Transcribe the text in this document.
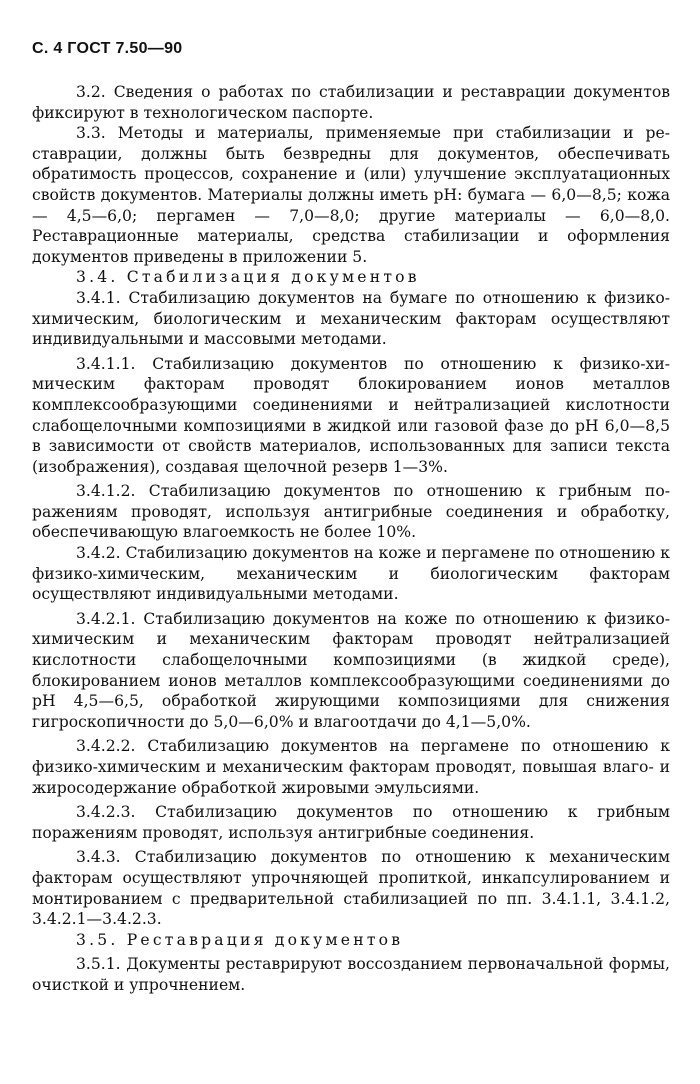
С. 4 ГОСТ 7.50—90

3.2. Сведения о работах по стабилизации и реставрации документов фиксируют в технологическом паспорте.

3.3. Методы и материалы, применяемые при стабилизации и реставрации, должны быть безвредны для документов, обеспечивать обратимость процессов, сохранение и (или) улучшение эксплуатационных свойств документов. Материалы должны иметь pH: бумага — 6,0—8,5; кожа — 4,5—6,0; пергамен — 7,0—8,0; другие материалы — 6,0—8,0. Реставрационные материалы, средства стабилизации и оформления документов приведены в приложении 5.

3.4. Стабилизация документов

3.4.1. Стабилизацию документов на бумаге по отношению к физико-химическим, биологическим и механическим факторам осуществляют индивидуальными и массовыми методами.

3.4.1.1. Стабилизацию документов по отношению к физико-химическим факторам проводят блокированием ионов металлов комплексообразующими соединениями и нейтрализацией кислотности слабощелочными композициями в жидкой или газовой фазе до pH 6,0—8,5 в зависимости от свойств материалов, использованных для записи текста (изображения), создавая щелочной резерв 1—3%.

3.4.1.2. Стабилизацию документов по отношению к грибным поражениям проводят, используя антигрибные соединения и обработку, обеспечивающую влагоемкость не более 10%.

3.4.2. Стабилизацию документов на коже и пергамене по отношению к физико-химическим, механическим и биологическим факторам осуществляют индивидуальными методами.

3.4.2.1. Стабилизацию документов на коже по отношению к физико-химическим и механическим факторам проводят нейтрализацией кислотности слабощелочными композициями (в жидкой среде), блокированием ионов металлов комплексообразующими соединениями до pH 4,5—6,5, обработкой жирующими композициями для снижения гигроскопичности до 5,0—6,0% и влагоотдачи до 4,1—5,0%.

3.4.2.2. Стабилизацию документов на пергамене по отношению к физико-химическим и механическим факторам проводят, повышая влаго- и жиросодержание обработкой жировыми эмульсиями.

3.4.2.3. Стабилизацию документов по отношению к грибным поражениям проводят, используя антигрибные соединения.

3.4.3. Стабилизацию документов по отношению к механическим факторам осуществляют упрочняющей пропиткой, инкапсулированием и монтированием с предварительной стабилизацией по пп. 3.4.1.1, 3.4.1.2, 3.4.2.1—3.4.2.3.

3.5. Реставрация документов

3.5.1. Документы реставрируют воссозданием первоначальной формы, очисткой и упрочнением.
